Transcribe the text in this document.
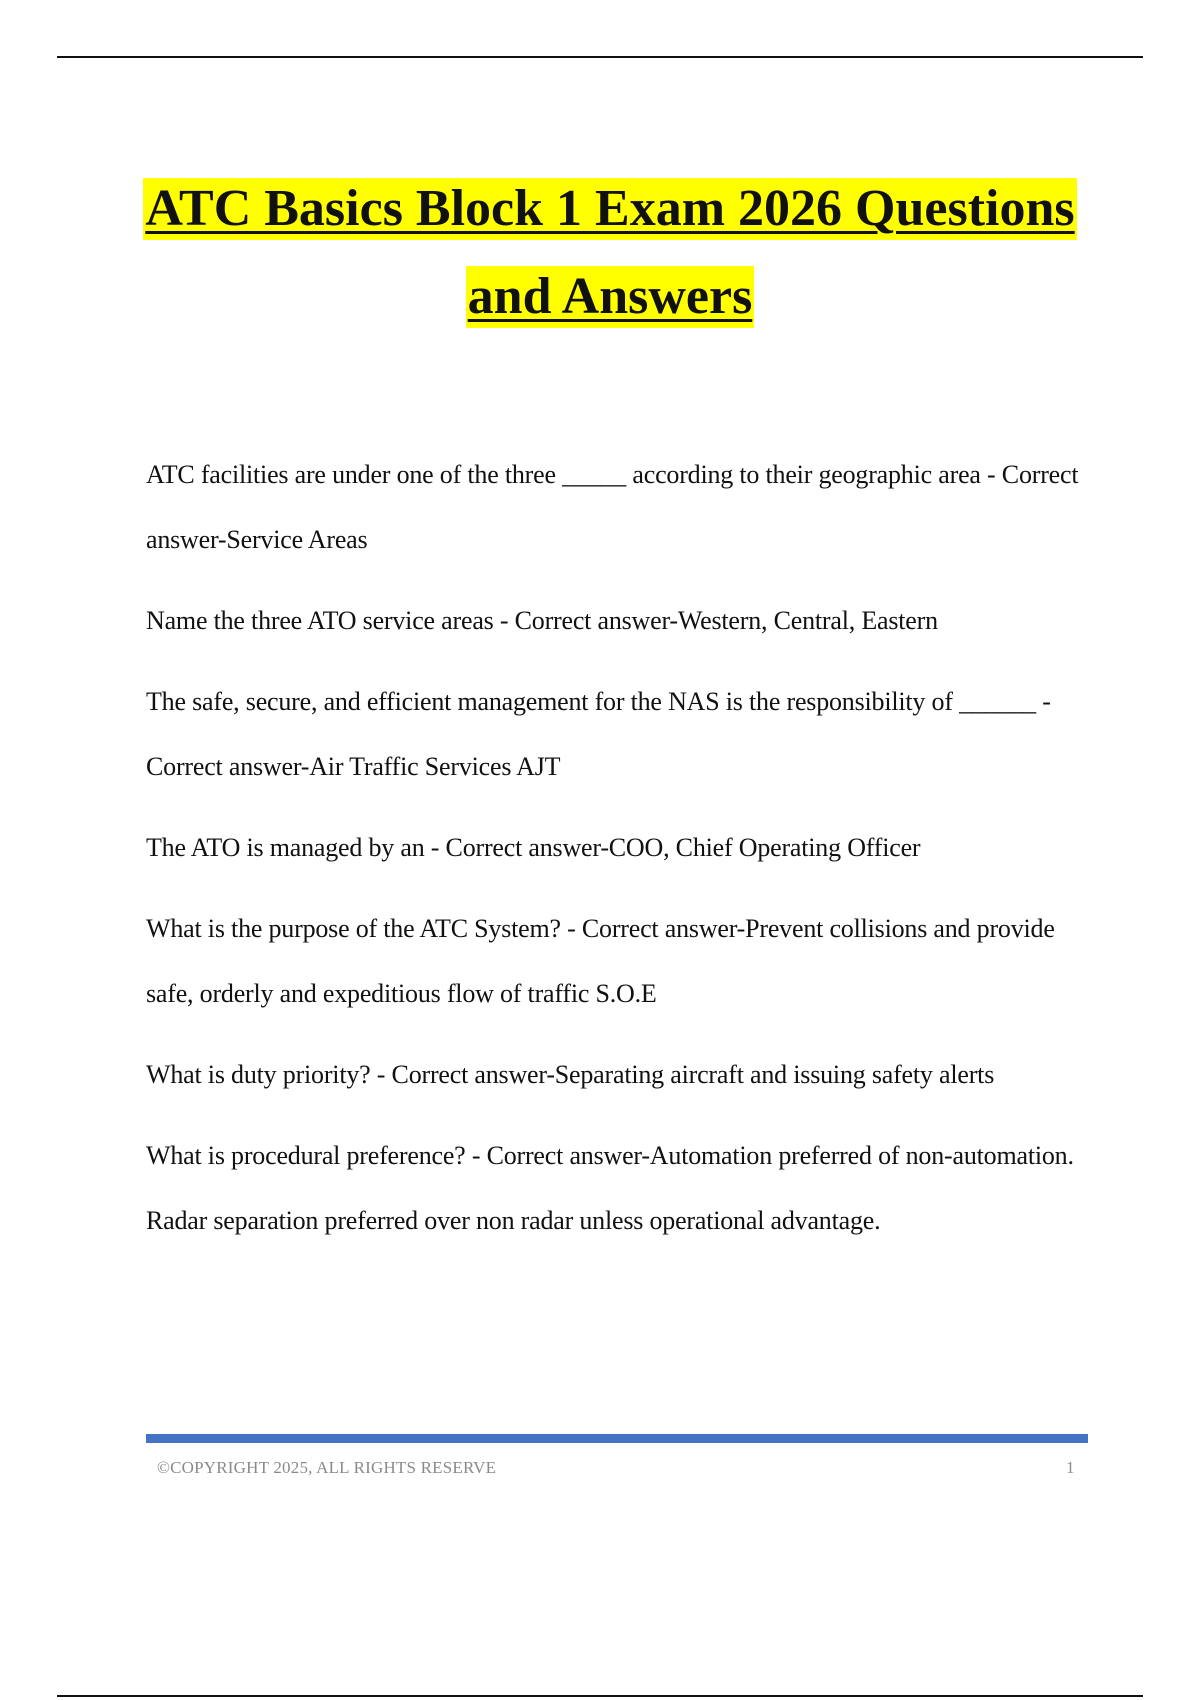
ATC Basics Block 1 Exam 2026 Questions
and Answers

ATC facilities are under one of the three _____ according to their geographic area - Correct answer-Service Areas

Name the three ATO service areas - Correct answer-Western, Central, Eastern

The safe, secure, and efficient management for the NAS is the responsibility of ______ - Correct answer-Air Traffic Services AJT

The ATO is managed by an - Correct answer-COO, Chief Operating Officer

What is the purpose of the ATC System? - Correct answer-Prevent collisions and provide safe, orderly and expeditious flow of traffic S.O.E

What is duty priority? - Correct answer-Separating aircraft and issuing safety alerts

What is procedural preference? - Correct answer-Automation preferred of non-automation. Radar separation preferred over non radar unless operational advantage.

©COPYRIGHT 2025, ALL RIGHTS RESERVE	1
